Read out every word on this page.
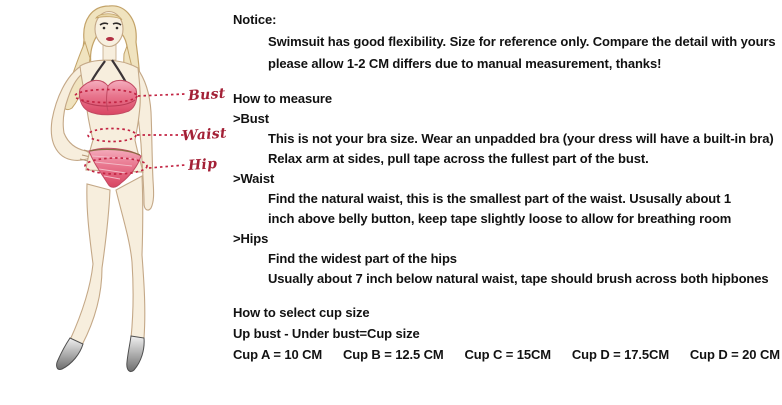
Bust
Waist
Hip
Notice:
Swimsuit has good flexibility. Size for reference only. Compare the detail with yours
please allow 1-2 CM differs due to manual measurement, thanks!
How to measure
>Bust
This is not your bra size. Wear an unpadded bra (your dress will have a built-in bra)
Relax arm at sides, pull tape across the fullest part of the bust.
>Waist
Find the natural waist, this is the smallest part of the waist. Ususally about 1
inch above belly button, keep tape slightly loose to allow for breathing room
>Hips
Find the widest part of the hips
Usually about 7 inch below natural waist, tape should brush across both hipbones
How to select cup size
Up bust - Under bust=Cup size
Cup A = 10 CM Cup B = 12.5 CM Cup C = 15CM Cup D = 17.5CM Cup D = 20 CM
